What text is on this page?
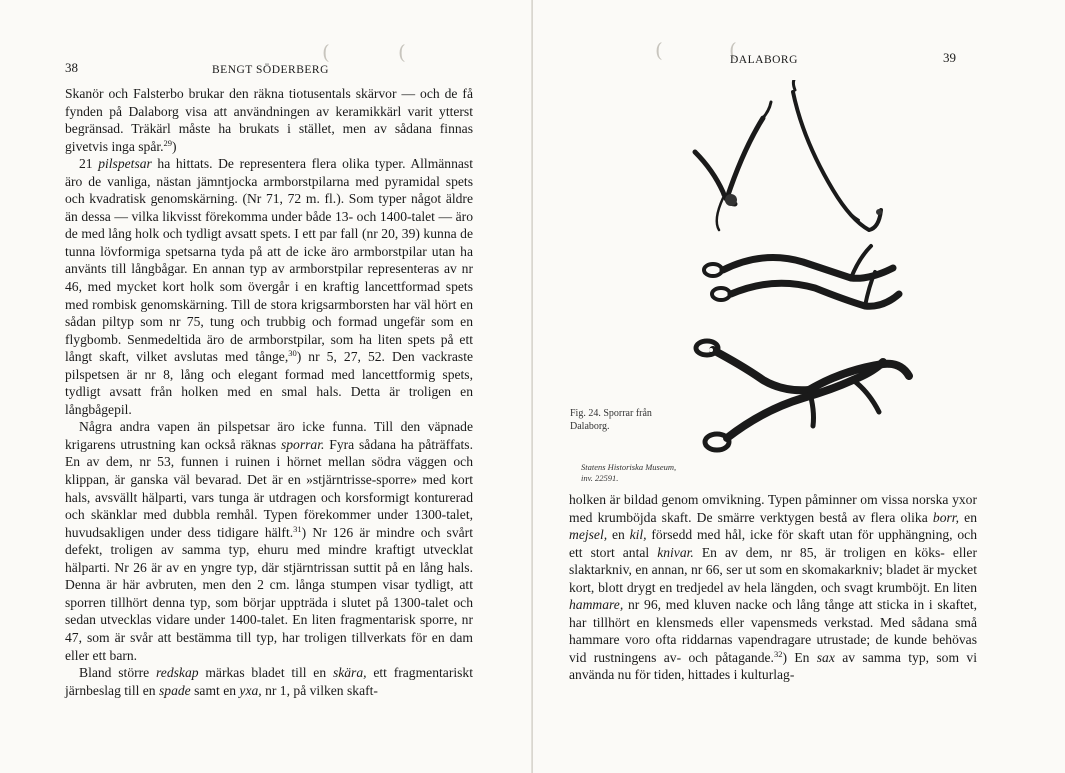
(	(
38	BENGT SÖDERBERG

Skanör och Falsterbo brukar den räkna tiotusentals skärvor — och de få fynden på Dalaborg visa att användningen av keramikkärl varit ytterst begränsad. Träkärl måste ha brukats i stället, men av sådana finnas givetvis inga spår.$^{29}$)

21 pilspetsar ha hittats. De representera flera olika typer. Allmännast äro de vanliga, nästan jämntjocka armborstpilarna med pyramidal spets och kvadratisk genomskärning. (Nr 71, 72 m. fl.). Som typer något äldre än dessa — vilka likvisst förekomma under både 13- och 1400-talet — äro de med lång holk och tydligt avsatt spets. I ett par fall (nr 20, 39) kunna de tunna lövformiga spetsarna tyda på att de icke äro armborstpilar utan ha använts till långbågar. En annan typ av armborstpilar representeras av nr 46, med mycket kort holk som övergår i en kraftig lancettformad spets med rombisk genomskärning. Till de stora krigsarmborsten har väl hört en sådan piltyp som nr 75, tung och trubbig och formad ungefär som en flygbomb. Senmedeltida äro de armborstpilar, som ha liten spets på ett långt skaft, vilket avslutas med tånge,$^{30}$) nr 5, 27, 52. Den vackraste pilspetsen är nr 8, lång och elegant formad med lancettformig spets, tydligt avsatt från holken med en smal hals. Detta är troligen en långbågepil.

Några andra vapen än pilspetsar äro icke funna. Till den väpnade krigarens utrustning kan också räknas sporrar. Fyra sådana ha påträffats. En av dem, nr 53, funnen i ruinen i hörnet mellan södra väggen och klippan, är ganska väl bevarad. Det är en »stjärntrisse-sporre» med kort hals, avsvällt hälparti, vars tunga är utdragen och korsformigt konturerad och skänklar med dubbla remhål. Typen förekommer under 1300-talet, huvudsakligen under dess tidigare hälft.$^{31}$) Nr 126 är mindre och svårt defekt, troligen av samma typ, ehuru med mindre kraftigt utvecklat hälparti. Nr 26 är av en yngre typ, där stjärntrissan suttit på en lång hals. Denna är här avbruten, men den 2 cm. långa stumpen visar tydligt, att sporren tillhört denna typ, som börjar uppträda i slutet på 1300-talet och sedan utvecklas vidare under 1400-talet. En liten fragmentarisk sporre, nr 47, som är svår att bestämma till typ, har troligen tillverkats för en dam eller ett barn.

Bland större redskap märkas bladet till en skära, ett fragmentariskt järnbeslag till en spade samt en yxa, nr 1, på vilken skaft-

(	(
DALABORG	39
Fig. 24. Sporrar från Dalaborg.
Statens Historiska Museum, inv. 22591.

holken är bildad genom omvikning. Typen påminner om vissa norska yxor med krumböjda skaft. De smärre verktygen bestå av flera olika borr, en mejsel, en kil, försedd med hål, icke för skaft utan för upphängning, och ett stort antal knivar. En av dem, nr 85, är troligen en köks- eller slaktarkniv, en annan, nr 66, ser ut som en skomakarkniv; bladet är mycket kort, blott drygt en tredjedel av hela längden, och svagt krumböjt. En liten hammare, nr 96, med kluven nacke och lång tånge att sticka in i skaftet, har tillhört en klensmeds eller vapensmeds verkstad. Med sådana små hammare voro ofta riddarnas vapendragare utrustade; de kunde behövas vid rustningens av- och påtagande.$^{32}$) En sax av samma typ, som vi använda nu för tiden, hittades i kulturlag-
